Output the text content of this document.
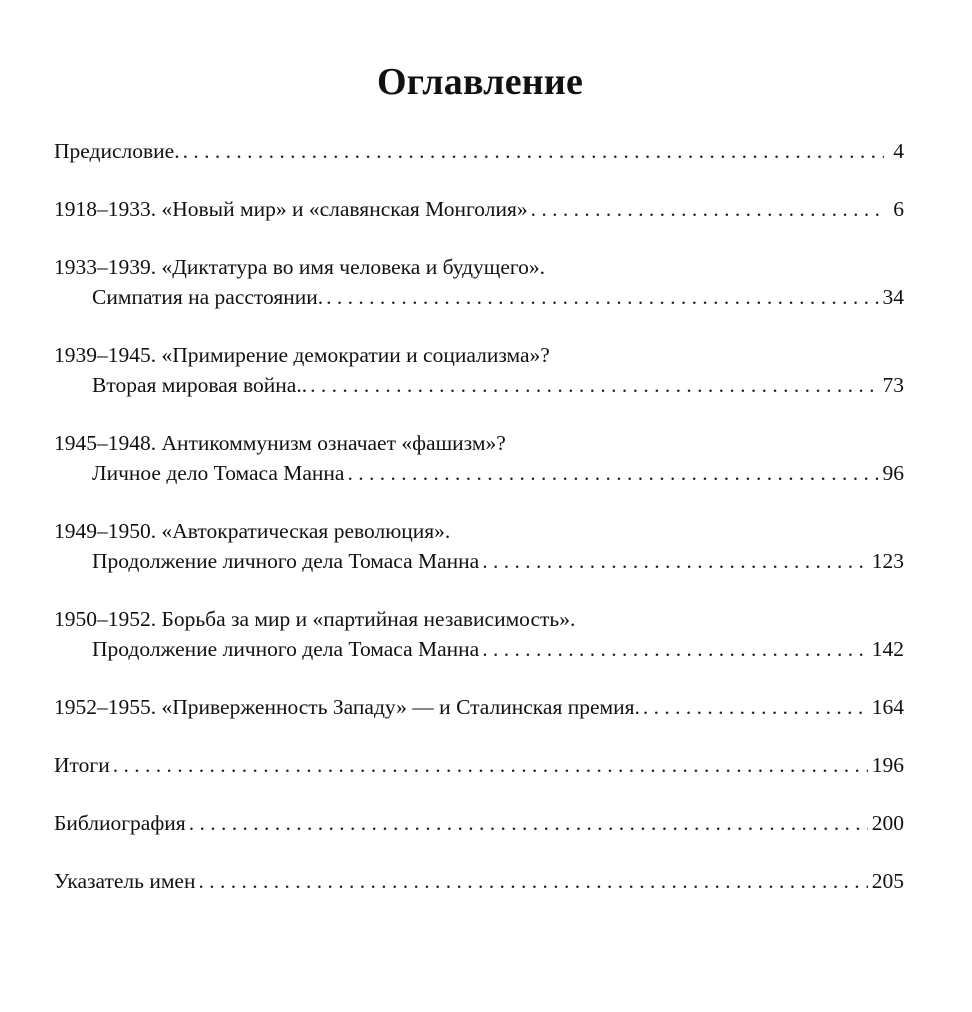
Оглавление
Предисловие. . . .	4
1918–1933. «Новый мир» и «славянская Монголия» . . .	6
1933–1939. «Диктатура во имя человека и будущего».
Симпатия на расстоянии. . . .	34
1939–1945. «Примирение демократии и социализма»?
Вторая мировая война.. . . .	73
1945–1948. Антикоммунизм означает «фашизм»?
Личное дело Томаса Манна . . .	96
1949–1950. «Автократическая революция».
Продолжение личного дела Томаса Манна . . .	123
1950–1952. Борьба за мир и «партийная независимость».
Продолжение личного дела Томаса Манна . . .	142
1952–1955. «Приверженность Западу» — и Сталинская премия. . . .	164
Итоги . . .	196
Библиография . . .	200
Указатель имен . . .	205
